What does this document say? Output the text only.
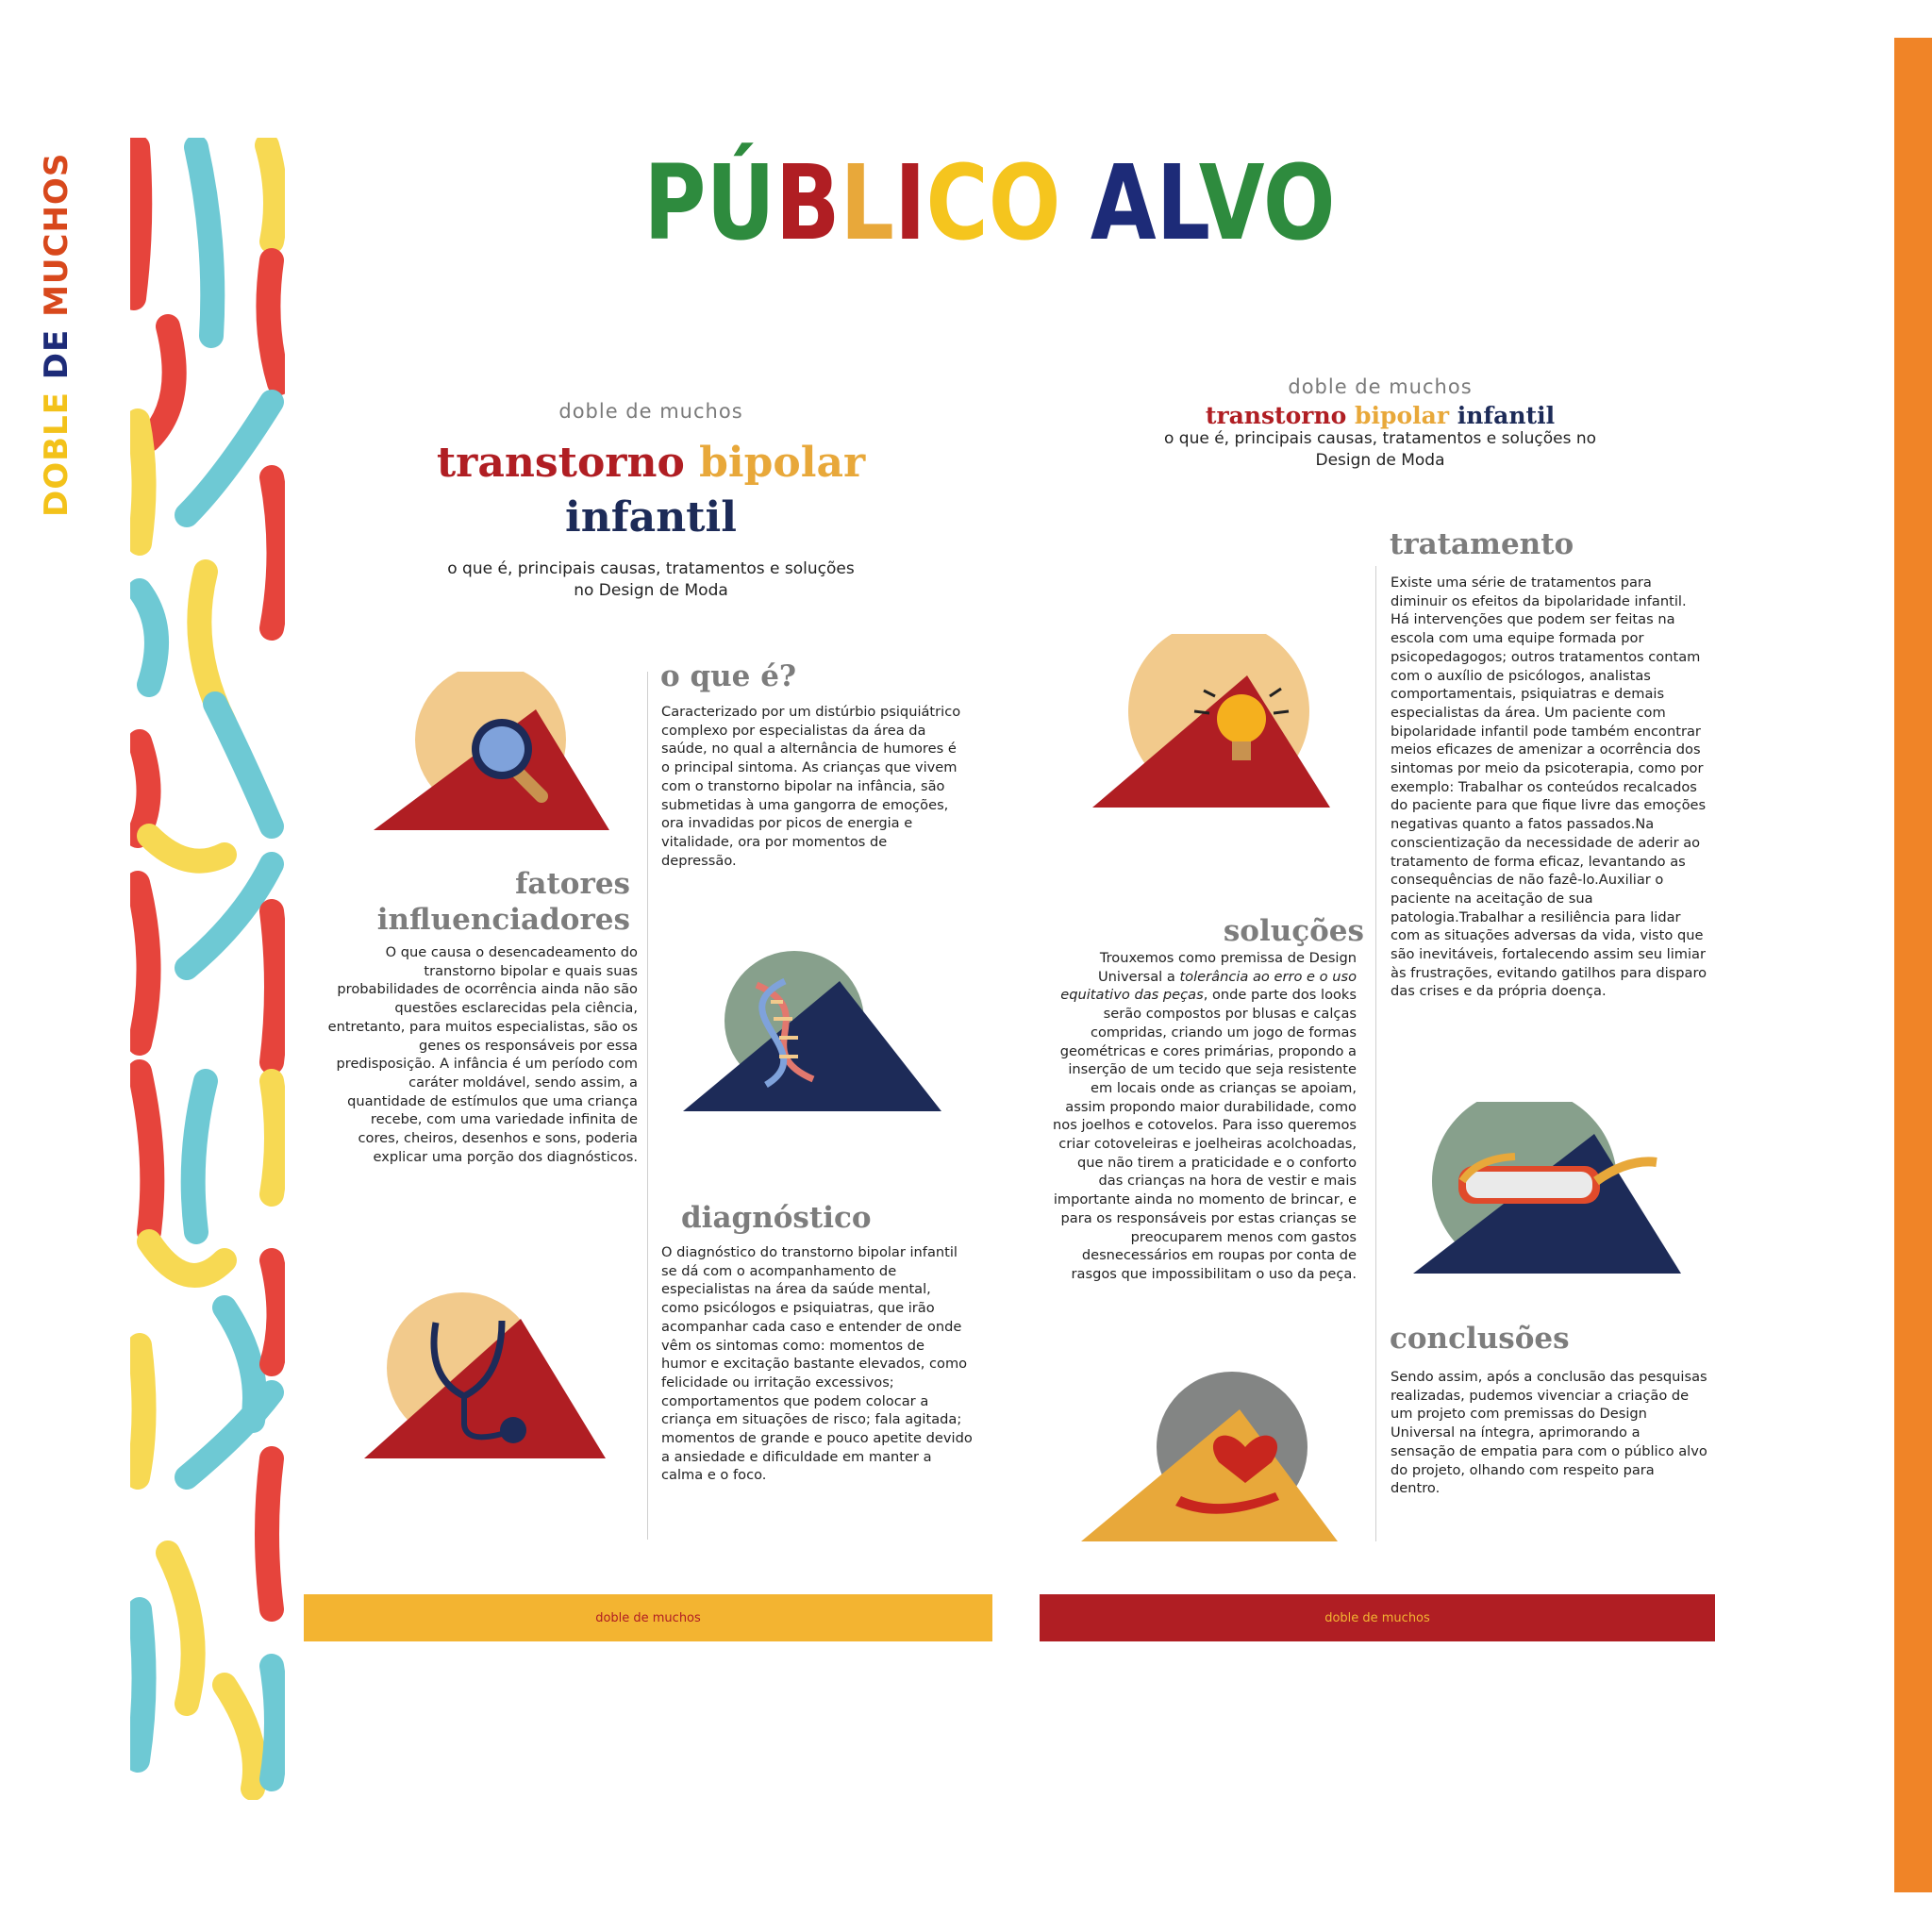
DOBLE DE MUCHOS	PÚBLICO ALVO
doble de muchos
transtorno bipolar
infantil
o que é, principais causas, tratamentos e soluções
no Design de Moda
o que é?
Caracterizado por um distúrbio psiquiátrico complexo por especialistas da área da saúde, no qual a alternância de humores é o principal sintoma. As crianças que vivem com o transtorno bipolar na infância, são submetidas à uma gangorra de emoções, ora invadidas por picos de energia e vitalidade, ora por momentos de depressão.
fatores
influenciadores
O que causa o desencadeamento do transtorno bipolar e quais suas probabilidades de ocorrência ainda não são questões esclarecidas pela ciência, entretanto, para muitos especialistas, são os genes os responsáveis por essa predisposição. A infância é um período com caráter moldável, sendo assim, a quantidade de estímulos que uma criança recebe, com uma variedade infinita de cores, cheiros, desenhos e sons, poderia explicar uma porção dos diagnósticos.
diagnóstico
O diagnóstico do transtorno bipolar infantil se dá com o acompanhamento de especialistas na área da saúde mental, como psicólogos e psiquiatras, que irão acompanhar cada caso e entender de onde vêm os sintomas como: momentos de humor e excitação bastante elevados, como felicidade ou irritação excessivos; comportamentos que podem colocar a criança em situações de risco; fala agitada; momentos de grande e pouco apetite devido a ansiedade e dificuldade em manter a calma e o foco.
doble de muchos
doble de muchos
transtorno bipolar infantil
o que é, principais causas, tratamentos e soluções no
Design de Moda
tratamento
Existe uma série de tratamentos para diminuir os efeitos da bipolaridade infantil. Há intervenções que podem ser feitas na escola com uma equipe formada por psicopedagogos; outros tratamentos contam com o auxílio de psicólogos, analistas comportamentais, psiquiatras e demais especialistas da área. Um paciente com bipolaridade infantil pode também encontrar meios eficazes de amenizar a ocorrência dos sintomas por meio da psicoterapia, como por exemplo: Trabalhar os conteúdos recalcados do paciente para que fique livre das emoções negativas quanto a fatos passados.Na conscientização da necessidade de aderir ao tratamento de forma eficaz, levantando as consequências de não fazê-lo.Auxiliar o paciente na aceitação de sua patologia.Trabalhar a resiliência para lidar com as situações adversas da vida, visto que são inevitáveis, fortalecendo assim seu limiar às frustrações, evitando gatilhos para disparo das crises e da própria doença.
soluções
Trouxemos como premissa de Design Universal a tolerância ao erro e o uso equitativo das peças, onde parte dos looks serão compostos por blusas e calças compridas, criando um jogo de formas geométricas e cores primárias, propondo a inserção de um tecido que seja resistente em locais onde as crianças se apoiam, assim propondo maior durabilidade, como nos joelhos e cotovelos. Para isso queremos criar cotoveleiras e joelheiras acolchoadas, que não tirem a praticidade e o conforto das crianças na hora de vestir e mais importante ainda no momento de brincar, e para os responsáveis por estas crianças se preocuparem menos com gastos desnecessários em roupas por conta de rasgos que impossibilitam o uso da peça.
conclusões
Sendo assim, após a conclusão das pesquisas realizadas, pudemos vivenciar a criação de um projeto com premissas do Design Universal na íntegra, aprimorando a sensação de empatia para com o público alvo do projeto, olhando com respeito para dentro.
doble de muchos
